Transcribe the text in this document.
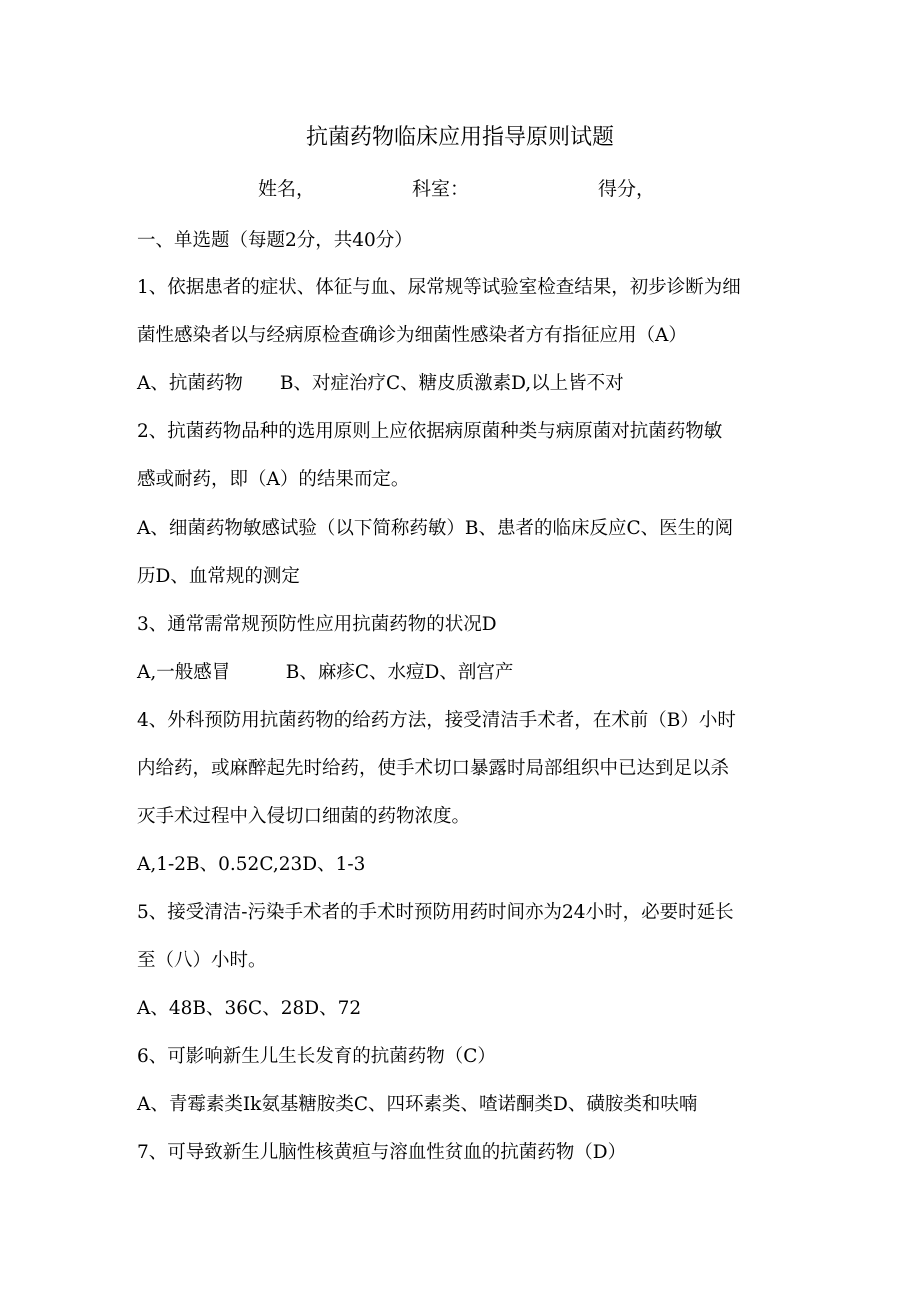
抗菌药物临床应用指导原则试题
姓名，	科室：	得分，
一、单选题（每题2分，共40分）
1、依据患者的症状、体征与血、尿常规等试验室检查结果，初步诊断为细
菌性感染者以与经病原检查确诊为细菌性感染者方有指征应用（A）
A、抗菌药物　　B、对症治疗C、糖皮质激素D,以上皆不对
2、抗菌药物品种的选用原则上应依据病原菌种类与病原菌对抗菌药物敏
感或耐药，即（A）的结果而定。
A、细菌药物敏感试验（以下简称药敏）B、患者的临床反应C、医生的阅
历D、血常规的测定
3、通常需常规预防性应用抗菌药物的状况D
A,一般感冒　　　B、麻疹C、水痘D、剖宫产
4、外科预防用抗菌药物的给药方法，接受清洁手术者，在术前（B）小时
内给药，或麻醉起先时给药，使手术切口暴露时局部组织中已达到足以杀
灭手术过程中入侵切口细菌的药物浓度。
A,1-2B、0.52C,23D、1-3
5、接受清洁-污染手术者的手术时预防用药时间亦为24小时，必要时延长
至（八）小时。
A、48B、36C、28D、72
6、可影响新生儿生长发育的抗菌药物（C）
A、青霉素类Ik氨基糖胺类C、四环素类、喳诺酮类D、磺胺类和呋喃
7、可导致新生儿脑性核黄疸与溶血性贫血的抗菌药物（D）
